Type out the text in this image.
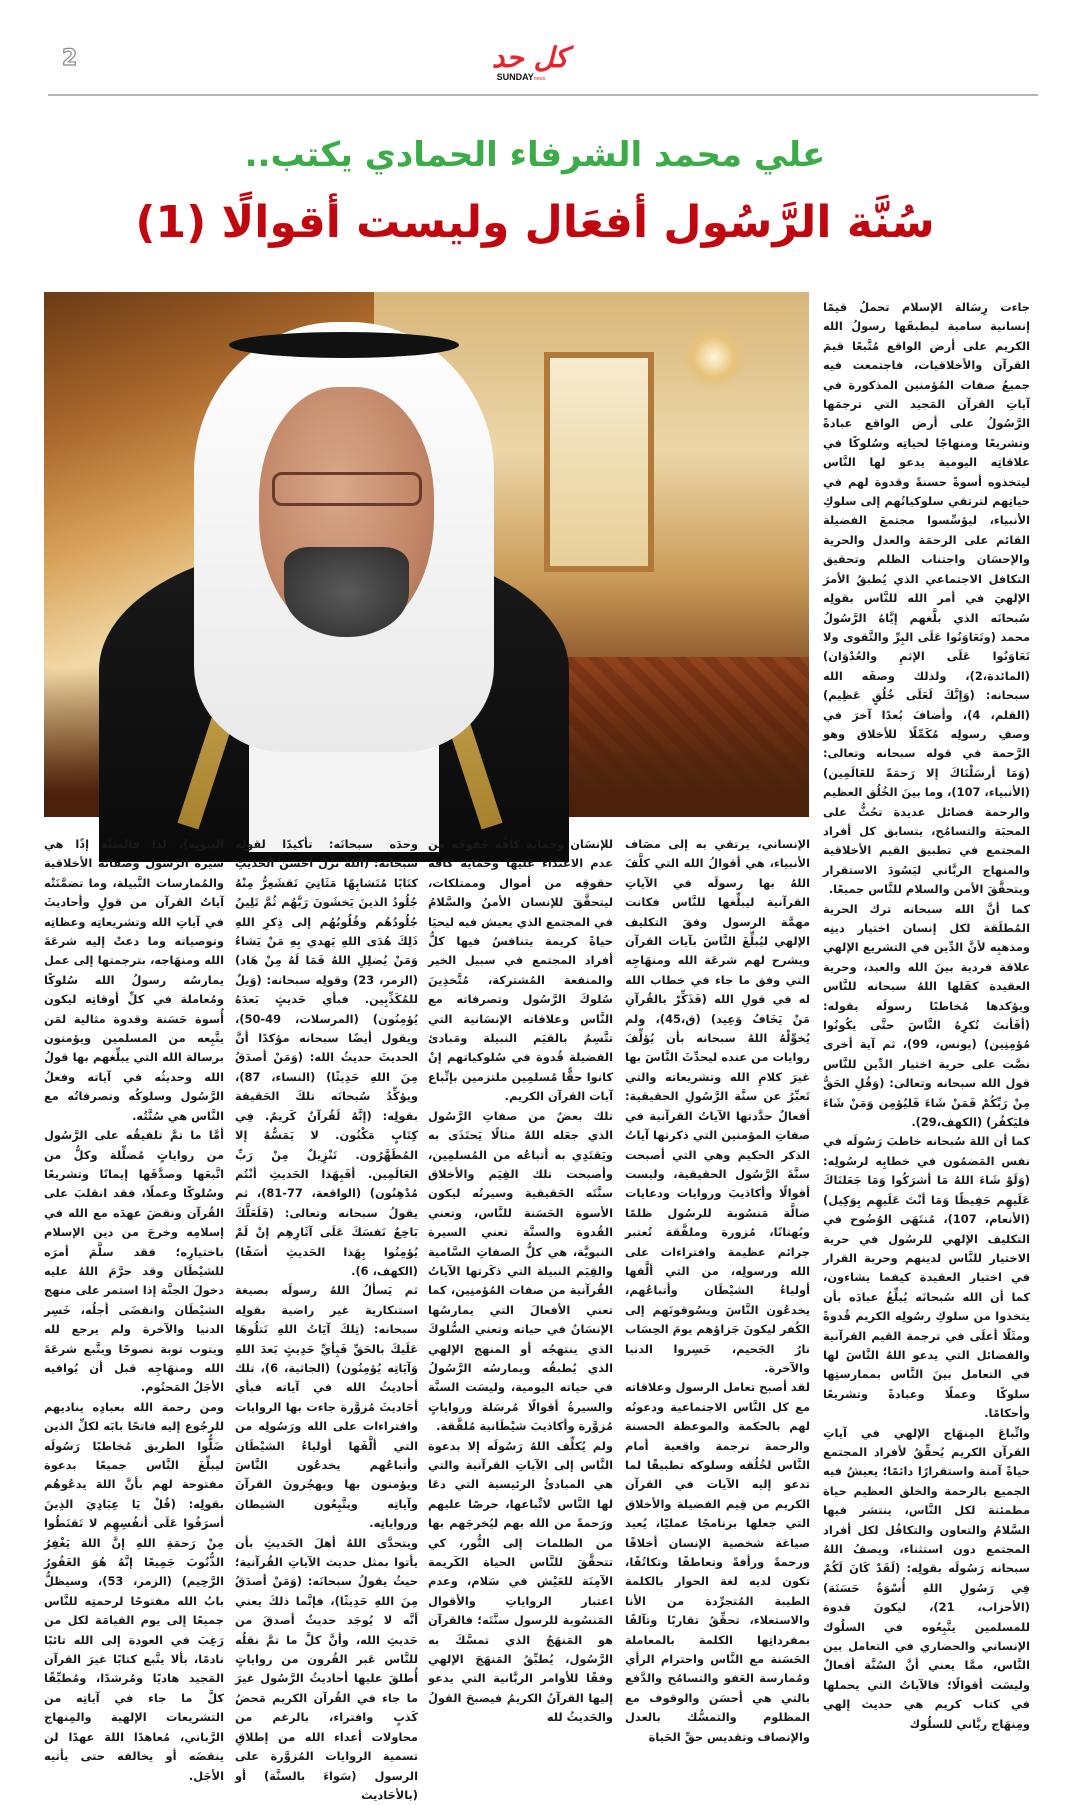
2	كل حد
SUNDAYnews
علي محمد الشرفاء الحمادي يكتب..
سُنَّة الرَّسُول أفعَال وليست أقوالًا (1)

جاءت رِسَالة الإسلام تحملُ قيمًا إنسانية سامية ليطبقَها رسولُ الله الكريم على أرض الواقع مُتَّبعًا قيمَ القرآن والأخلاقيات، فاجتمعت فيه جميعُ صفات المُؤمنين المذكورة في آياتِ القرآن المَجيد التي ترجمَها الرَّسُولُ على أرض الواقع عبادةً وتشريعًا ومنهاجًا لحياتِه وسُلوكًا في علاقاتِه اليومية يدعو لها النَّاس ليتخذوه أسوةً حسنةً وقدوة لهم في حياتِهم لترتقي سلوكياتُهم إلى سلوكِ الأنبياء، ليؤسِّسوا مجتمعَ الفضيلة القائم على الرحمَة والعدل والحرية والإحسَان واجتناب الظلم وتحقيق التكافل الاجتماعي الذي يُطبقُ الأمرَ الإلهيَ في أمر الله للنَّاس بقولِه سُبحانَه الذي بلَّغهم إيَّاهُ الرَّسُولُ محمد (وتَعَاوَنُوا عَلَى البِرِّ والتَّقوى ولا تَعَاوَنُوا عَلَى الإثمِ والعُدْوَان) (المائدة،2)، ولذلك وصفَه الله سبحانه: (وَإنَّكَ لَعَلَى خُلُقٍ عَظِيم) (القلم، 4)، وأضافَ بُعدًا آخرَ في وصفِ رسولِه مُكَمِّلًا للأخلاق وهو الرَّحمة في قوله سبحانه وتعالى: (وَمَا أرسَلْنَاكَ إلا رَحمَةً للعَالَمِين) (الأنبياء، 107)، وما بينَ الخُلُق العظيم والرحمة فضائل عديدة تحُثُّ على المحبَة والتسامُح، يتسابق كل أفراد المجتمع في تطبيق القيم الأخلاقية والمنهاج الربَّاني ليَسُودَ الاستقرار ويتحقَّقَ الأمن والسلام للنَّاس جميعًا.

كما أنَّ الله سبحانه ترك الحرية المُطلَقة لكل إنسان اختيار دينِه ومذهبِه لأنَّ الدِّين في التشريع الإلهي علاقة فردية بينَ الله والعبد، وحرية العقيدة كفَلها اللهُ سبحانه للنَّاس ويؤكدها مُخاطبًا رسولَه بقوله: (أفَأنتَ تُكرِهُ النَّاسَ حتَّى يكُونُوا مُؤمِنِين) (يونس، 99)، ثم آية أخرى نصَّت على حرية اختيار الدِّين للنَّاس قول الله سبحانه وتعالى: (وَقُلِ الحَقُّ مِنْ رَبِّكُمْ فَمَنْ شَاءَ فَليُؤمِن وَمَنْ شَاءَ فليَكفُر) (الكهف،29).

كما أن اللهَ سُبحانه خاطبَ رَسُولَه في نفس المَضمُون في خطابِه لرسُولِه: (وَلَوْ شَاءَ اللهُ مَا أشرَكُوا وَمَا جَعَلنَاكَ عَلَيهِم حَفِيظًا وَمَا أنْتَ عَلَيهِم بِوَكِيل) (الأنعام، 107)، مُنتَهَى الوُضُوح في التكليف الإلهي للرسُول في حرية الاختيار للنَّاس لدينهم وحرية القرار في اختيار العقيدة كيفما يشاءون، كما أن الله سُبحانَه يُبلِّغُ عبادَه بأن يتخذوا من سلوكِ رسُولِه الكريم قُدوةً ومثَلًا أعلَى في ترجمة القيم القرآنية والفضائل التي يدعو اللهُ النَّاسَ لها في التعامل بينَ النَّاس بممارستِها سلوكًا وعملًا وعبادةً وتشريعًا وأحكامًا.

واتِّباعَ المِنهَاج الإلهي في آياتِ القرآن الكريم يُحقِّقُ لأفراد المجتمع حياةً آمنة واستقرارًا دائمًا؛ يعيشُ فيه الجميع بالرحمة والخلق العظيم حياة مطمئنة لكل النَّاس، ينتشر فيها السَّلامُ والتعاون والتكافُل لكل أفراد المجتمع دون استثناء، ويصفُ اللهُ سبحانه رَسُولَه بقولِه: (لَقَدْ كَانَ لَكُمْ فِي رَسُولِ اللهِ أُسْوَةٌ حَسَنَة) (الأحزاب، 21)، ليكونَ قدوة للمسلمين يتَّبِعُوه في السلُوك الإنساني والحضاري في التعامل بين النَّاس، ممَّا يعني أنَّ السُنَّة أفعالٌ وليسَت أقوالًا؛ فالآياتُ التي يحملها في كتاب كريم هي حديث إلهي ومِنهَاج ربَّاني للسلُوك

الإنساني، يرتقي به إلى مصَاف الأنبياء، هي أقوالُ الله التي كلَّفَ اللهُ بها رسولَه في الآياتِ القرآنية ليبلِّغها للنَّاس فكانت مهمَّة الرسول وفقَ التكليف الإلهي ليُبلِّغَ النَّاسَ بآيات القرآن ويشرح لهم شرعَة الله ومنهَاجِه التي وفق ما جاء في خطاب الله له في قولِ الله (فَذَكِّرْ بالقُرآنِ مَنْ يَخَافُ وَعِيد) (ق،45)، ولم يُخوِّلْهُ اللهُ سبحانه بأن يُؤلِّفَ روايات من عنده ليحدِّثَ النَّاسَ بها غيرَ كلامِ الله وتشريعاته والتي تَعبِّرُ عن سنَّة الرَّسُولِ الحقيقية: أفعالٌ حدَّدتها الآياتُ القرآنية في صفاتِ المؤمنين التي ذكرتها آياتُ الذكر الحكيم وهي التي أصبحت سنَّةَ الرَّسُول الحقيقية، وليست أقوالًا وأكاذيبَ وروايات ودعايات ضالَّة مَنسُوبة للرسُول ظلمًا وبُهتانًا، مُزورة وملفَّقة تُعتبر جرائم عظيمة وافتراءات على الله ورسولِه، من التي ألَّفها أولياءُ الشيْطَان وأتباعُهم، يخدعُون النَّاسَ ويسُوقونَهم إلى الكُفر ليكونَ جَزاؤهم يومَ الحِسَاب نارُ الجَحيم، خَسِروا الدنيا والآخرة.

لقد أصبح تعامل الرسول وعلاقاته مع كل النَّاس الاجتماعية ودعوتُه لهم بالحكمة والموعظة الحسنة والرحمة ترجمة واقعية أمام النَّاس لخُلُقه وسلوكه تطبيقًا لما تدعو إليه الآيات في القرآن الكريم من قِيم الفضيلة والأخلاق التي جعلها برنامجًا عمليًا، يُعيد صياغة شخصية الإنسان أخلاقًا ورحمةً ورأفةً وتعاطفًا وتكاتُفًا، تكون لديه لغة الحوار بالكلمة الطيبة المُتجرِّدة من الأنا والاستعلاء، تحقِّقُ تقاربًا وتآلفًا بمفرداتِها الكلمة بالمعاملة الحَسَنة مع النَّاس واحترام الرأي ومُمارسة العَفو والتسامُح والدَّفع بالتي هي أحسَن والوقوف مع المظلوم والتمسُّك بالعدل والإنصاف وتقديس حقِّ الحَياة

للإنسَان وحماية كافَّة حُقوقه من عدم الاعتداء عليها وحماية كافة حقوقِه من أموال وممتلكات، ليتحقَّقَ للإنسان الأمنُ والسَّلامُ في المجتمع الذي يعيش فيه ليحيَا حياةً كريمة يتنافسُ فيها كلُّ أفراد المجتمع في سبيل الخير والمنفعة المُشتركة، مُتَّخذِينَ سُلوكَ الرَّسُول وتصرفاته مع النَّاس وعلاقاته الإنسَانية التي تتَّسِمُ بالقيَم النبيلة ومَبادئ الفضيلة قُدوة في سُلوكياتهم إنْ كانوا حقًّا مُسلمِين ملتزمين بإتِّباع آيات القرآن الكريم.

تلك بعضٌ من صفاتِ الرَّسُول الذي جعَله اللهُ مثالًا يَحتَذَى به ويَقتَدِي به أتباعُه من المُسلمِين، وأصبحت تلك القِيَم والأخلاق سنَّتَه الحَقيقية وسيرتُه ليكون الأسوة الحَسَنة للنَّاس، وتعني القُدوة والسنَّة تعني السيرة النبويَّة، هي كلُّ الصفاتِ السَّامية والقِيَم النبيلة التي ذكَرتها الآياتُ القُرآنية من صفات المُؤمنِين، كما تعني الأفعالَ التي يمارسُها الإنسَانُ في حياته وتعني السُّلوكَ الذي ينتهجُه أو المنهج الإلهي الذي يُطبقُه ويمارسُه الرَّسُولُ في حياته اليومية، وليسَت السنَّة والسيرةُ أقوالًا مُرسَلة ورواياتٍ مُزوَّرة وأكاذيبَ شيْطَانية مُلفَّقة.

ولم يُكلِّف اللهُ رَسُولَه إلا بدعوة النَّاس إلى الآياتِ القرآنية والتي هي المبادئُ الرئيسية التي دعَا لها النَّاس لاتِّباعها، حرصًا عليهم ورَحمةً من الله بهم ليُخرجَهم بها من الظلمات إلى النُّور، كي تتحقَّقَ للنَّاس الحياة الكَريمة الآمِنَة للعَيْش في سَلام، وعدم اعتبار الرواياتِ والأقوال المَنسُوبة للرسول سنَّتَه؛ فالقرآن هو المَنهَجُ الذي تمسَّكَ به الرَّسُول، يُطبِّقُ المَنهَجَ الإلهي وفقًا للأوامر الربَّانية التي يدعو إليها القرآنُ الكريمُ فيصبحَ القولُ والحَديثُ لله

وحدَه سبحانَه: تأكيدًا لقولِه سبحانه: (اللهُ نَزَّلَ أحسَنَ الحَديثِ كتَابًا مُتَشابِهًا مَثَانِيَ تَقشَعِرُّ مِنْهُ جُلُودُ الذينَ يَخشَونَ رَبَّهُم ثُمَّ تَلِينُ جُلُودُهُم وقُلُوبُهُم إلى ذِكرِ اللهِ ذَلِكَ هُدَى اللهِ يَهدي بِهِ مَنْ يَشاءُ وَمَنْ يُضلِلِ اللهُ فَمَا لَهُ مِنْ هَاد) (الزمر، 23) وقولِه سبحانه: (وَيلٌ للمُكَذِّبِين. فبأي حَديثٍ بَعدَهُ يُؤمِنُون) (المرسلات، 49-50)، ويقول أيضًا سبحانه مؤكدًا أنَّ الحديثَ حديثُ الله: (وَمَنْ أصدَقُ مِنَ اللهِ حَدِيثًا) (النساء، 87)، ويؤكِّدُ سُبحانَه تلكَ الحَقيقة بقولِه: (إنَّهُ لَقُرآنٌ كَريمٌ. فِي كِتَابٍ مَكْنُون. لا يَمَسُّهُ إلا المُطَهَّرُون. تَنْزِيلٌ مِنْ رَبِّ العَالَمِين. أفَبِهَذا الحَديثِ أنْتُم مُدْهِنُون) (الواقعة، 77-81)، ثم يقولُ سبحانه وتعالى: (فَلَعَلَّكَ بَاخِعٌ نَفسَكَ عَلَى آثَارِهِم إنْ لَمْ يُؤمِنُوا بِهَذا الحَديثِ أسَفًا) (الكهف، 6).

ثم يَسألُ اللهُ رسولَه بصيغة استنكارية غير راضية بقولِه سبحانه: (تِلكَ آيَاتُ اللهِ نَتلُوهَا عَلَيكَ بالحَقِّ فَبِأيِّ حَدِيثٍ بَعدَ اللهِ وَآيَاتِه يُؤمِنُون) (الجاثية، 6)، تلك أحاديثُ الله في آياته فبأي أحَاديثَ مُزوَّرة جاءت بها الروايات وافتراءات على الله ورَسُولِه من التي ألَّفَها أولياءُ الشيْطَان وأتباعُهم يخدعُون النَّاسَ ويؤمنون بها ويهجُرونَ القرآنَ وآياتِه ويتَّبِعُون الشيطان ورواياتِه.

ويتحدَّى اللهُ أهلَ الحَديثِ بأن يأتوا بمثل حديث الآياتِ القُرآنية؛ حيثُ يقولُ سبحانَه: (وَمَنْ أصدَقُ مِنَ اللهِ حَدِيثًا)، فإنَّما ذلكَ يعني أنَّه لا يُوجَد حديثٌ أصدقَ من حَديثِ الله، وأنَّ كلَّ ما تمَّ نقلُه للنَّاس عَبر القُرون من رواياتٍ أُطلقَ عليها أحاديثُ الرَّسُول غيرَ ما جاء في القُرآن الكريم مَحضُ كَذبٍ وافتراء، بالرغم من محاولات أعداء الله من إطلاقِ تسمية الروايات المُزوَّرة على الرسول (سَواءَ بالسنَّة) أو (بالأحَاديث

النبوية)، لذا فالسنَّة إذًا هي سيرة الرَّسُول وصفاتُه الأخلاقية والمُمارسات النَّبيلة، وما تضمَّنَتْه آياتُ القرآن من قولٍ وأحاديثَ في آياتِ الله وتشريعاتِه وعظاتِه وتوصياته وما دعتْ إليه شرعَةَ الله ومنهَاجه، بترجمتها إلى عمل يمارسُه رسولُ الله سُلوكًا ومُعاملة في كلِّ أوقاتِه ليكون أُسوة حَسَنة وقدوة مثالية لمَن يتَّبِعه من المسلمين ويؤمنون برسالة الله التي يبلِّغهم بها قولُ الله وحديثُه في آياته وفعلُ الرَّسُول وسلوكُه وتصرفاتُه مع النَّاس هي سُنَّتُه.

أمَّا ما تمَّ تلفيقُه على الرَّسُول من رواياتٍ مُضلِّلة وكلُّ من اتَّبعَها وصدَّقَها إيمانًا وتشريعًا وسُلوكًا وعملًا، فقد انقلبَ على القُرآن ونقضَ عهدَه مع الله في إسلامِه وخرجَ من دين الإسلام باختيارِه؛ فقد سلَّمَ أمرَه للشيْطَان وقد حرَّمَ اللهُ عليه دخولَ الجنَّة إذا استمر على منهج الشيْطَان وانقضَى أجلُه، خَسِر الدنيا والآخرة ولم يرجع لله ويتوب توبة نصوحًا ويتَّبع شرعَةَ الله ومنهَاجِه قبل أن يُوافيه الأجَلُ المَحتُوم.

ومن رحمة الله بعبادِه يناديهم للرجُوع إليه فاتحًا بابَه لكلِّ الذين ضَلُّوا الطريق مُخاطبًا رَسُولَه ليبلِّغَ النَّاس جميعًا بدعوة مفتوحة لهم بأنَّ اللهَ يدعُوهُم بقولِه: (قُلْ يَا عِبَادِيَ الذِينَ أسرَفُوا عَلَى أنفُسِهِم لا تَقنَطُوا مِنْ رَحمَةِ اللهِ إنَّ اللهَ يَغْفِرُ الذُّنُوبَ جَمِيعًا إنَّهُ هُوَ الغَفُورُ الرَّحِيم) (الزمر، 53)، وسيظلُّ بابُ الله مفتوحًا لرحمتِه للنَّاس جميعًا إلى يوم القيامَة لكل من رَغِبَ في العودة إلى الله تائبًا نادمًا، بألا يتَّبع كتابًا غيرَ القرآن المَجيد هاديًا ومُرشدًا، ومُطبِّقًا كلَّ ما جاء في آياتِه من التشريعات الإلهية والمِنهاج الرَّباني، مُعاهدًا اللهَ عهدًا لن ينقضَه أو يخالفه حتى يأتيه الأجَل.
